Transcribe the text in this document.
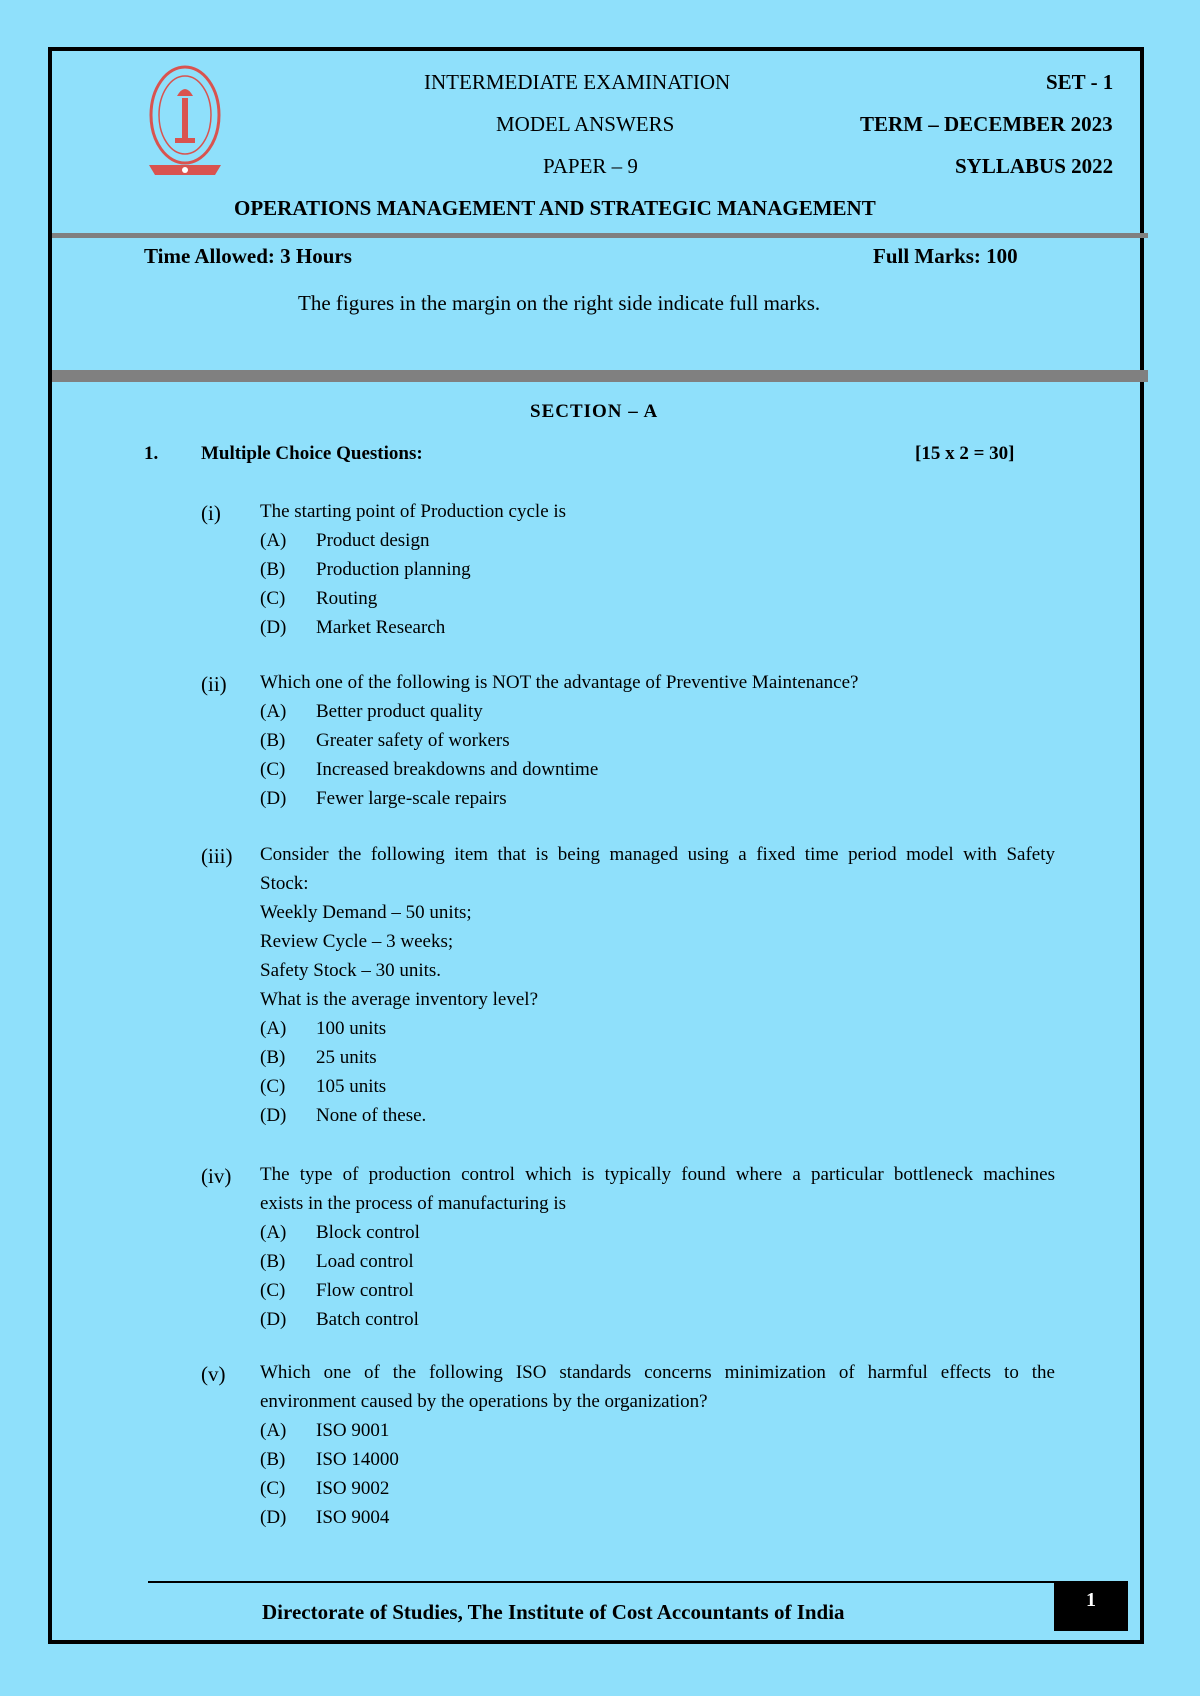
INTERMEDIATE EXAMINATION	SET - 1
MODEL ANSWERS	TERM – DECEMBER 2023
PAPER – 9	SYLLABUS 2022
OPERATIONS MANAGEMENT AND STRATEGIC MANAGEMENT
Time Allowed: 3 Hours	Full Marks: 100
The figures in the margin on the right side indicate full marks.
SECTION – A
1. Multiple Choice Questions:	[15 x 2 = 30]
(i) The starting point of Production cycle is
(A) Product design
(B) Production planning
(C) Routing
(D) Market Research
(ii) Which one of the following is NOT the advantage of Preventive Maintenance?
(A) Better product quality
(B) Greater safety of workers
(C) Increased breakdowns and downtime
(D) Fewer large-scale repairs
(iii) Consider the following item that is being managed using a fixed time period model with Safety
Stock:
Weekly Demand – 50 units;
Review Cycle – 3 weeks;
Safety Stock – 30 units.
What is the average inventory level?
(A) 100 units
(B) 25 units
(C) 105 units
(D) None of these.
(iv) The type of production control which is typically found where a particular bottleneck machines
exists in the process of manufacturing is
(A) Block control
(B) Load control
(C) Flow control
(D) Batch control
(v) Which one of the following ISO standards concerns minimization of harmful effects to the
environment caused by the operations by the organization?
(A) ISO 9001
(B) ISO 14000
(C) ISO 9002
(D) ISO 9004
Directorate of Studies, The Institute of Cost Accountants of India	1
